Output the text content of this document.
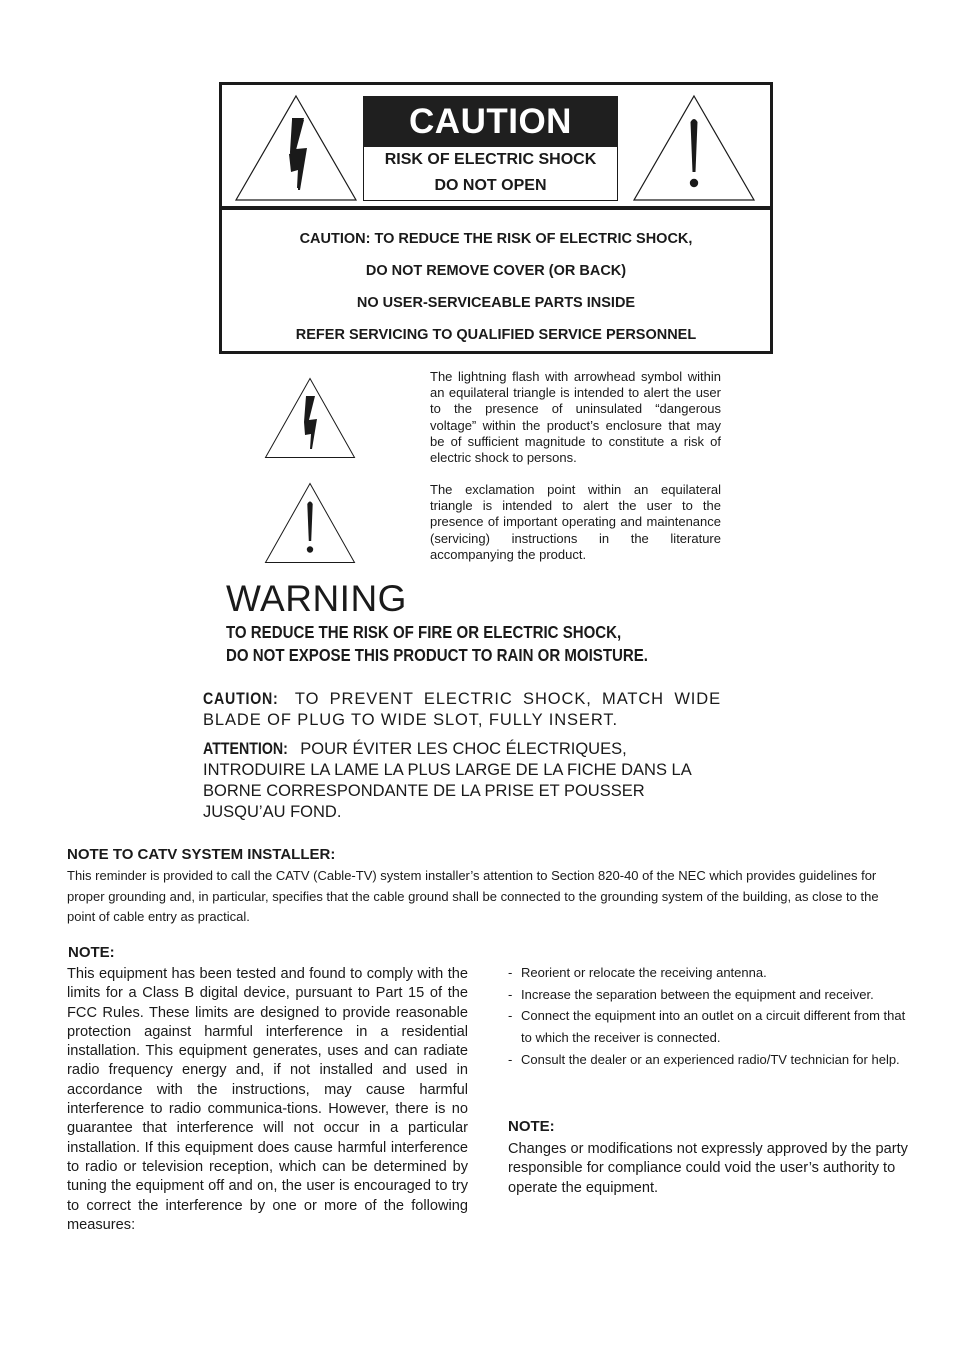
CAUTION
RISK OF ELECTRIC SHOCK
DO NOT OPEN
CAUTION: TO REDUCE THE RISK OF ELECTRIC SHOCK,
DO NOT REMOVE COVER (OR BACK)
NO USER-SERVICEABLE PARTS INSIDE
REFER SERVICING TO QUALIFIED SERVICE PERSONNEL
The lightning flash with arrowhead symbol within an equilateral triangle is intended to alert the user to the presence of uninsulated “dangerous voltage” within the product’s enclosure that may be of sufficient magnitude to constitute a risk of electric shock to persons.
The exclamation point within an equilateral triangle is intended to alert the user to the presence of important operating and maintenance (servicing) instructions in the literature accompanying the product.
WARNING
TO REDUCE THE RISK OF FIRE OR ELECTRIC SHOCK,
DO NOT EXPOSE THIS PRODUCT TO RAIN OR MOISTURE.
CAUTION: TO PREVENT ELECTRIC SHOCK, MATCH WIDE BLADE OF PLUG TO WIDE SLOT, FULLY INSERT.
ATTENTION: POUR ÉVITER LES CHOC ÉLECTRIQUES, INTRODUIRE LA LAME LA PLUS LARGE DE LA FICHE DANS LA BORNE CORRESPONDANTE DE LA PRISE ET POUSSER JUSQU’AU FOND.
NOTE TO CATV SYSTEM INSTALLER:
This reminder is provided to call the CATV (Cable-TV) system installer’s attention to Section 820-40 of the NEC which provides guidelines for proper grounding and, in particular, specifies that the cable ground shall be connected to the grounding system of the building, as close to the point of cable entry as practical.
NOTE:
This equipment has been tested and found to comply with the limits for a Class B digital device, pursuant to Part 15 of the FCC Rules. These limits are designed to provide reasonable protection against harmful interference in a residential installation. This equipment generates, uses and can radiate radio frequency energy and, if not installed and used in accordance with the instructions, may cause harmful interference to radio communica-tions. However, there is no guarantee that interference will not occur in a particular installation. If this equipment does cause harmful interference to radio or television reception, which can be determined by tuning the equipment off and on, the user is encouraged to try to correct the interference by one or more of the following measures:
- Reorient or relocate the receiving antenna.
- Increase the separation between the equipment and receiver.
- Connect the equipment into an outlet on a circuit different from that to which the receiver is connected.
- Consult the dealer or an experienced radio/TV technician for help.
NOTE:
Changes or modifications not expressly approved by the party responsible for compliance could void the user’s authority to operate the equipment.
